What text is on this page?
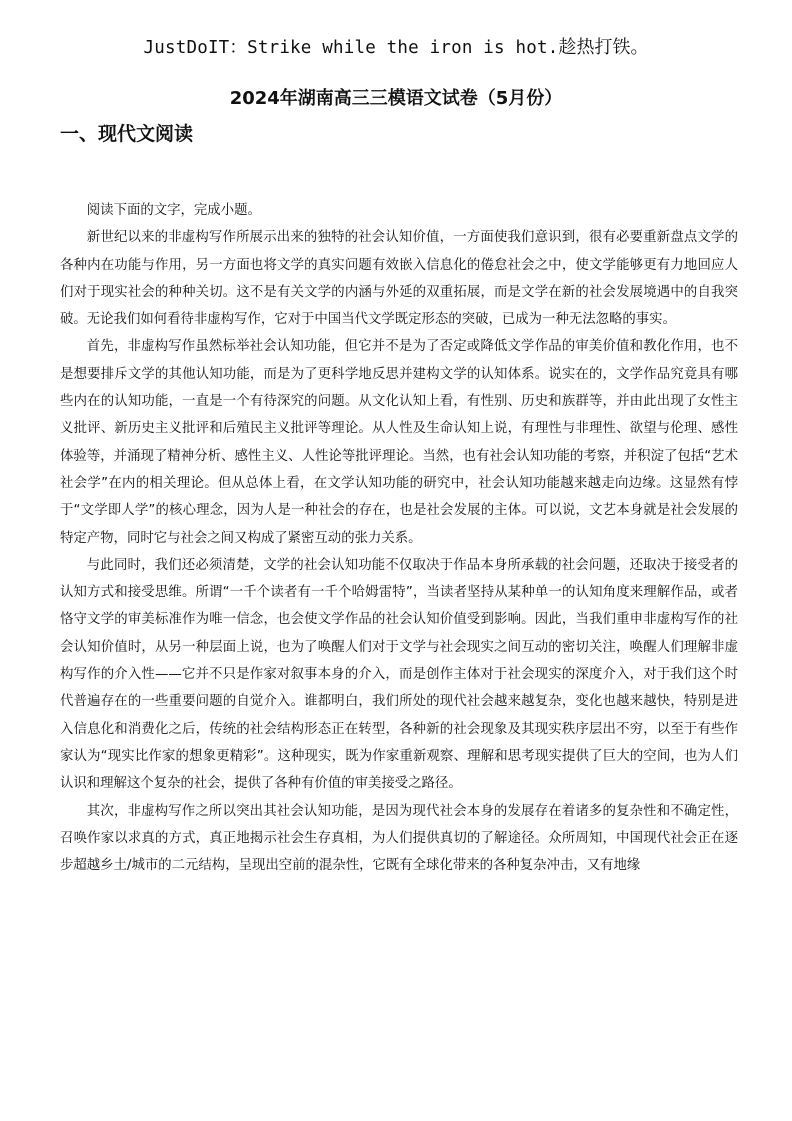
JustDoIT：Strike while the iron is hot.趁热打铁。
2024年湖南高三三模语文试卷（5月份）
一、现代文阅读

阅读下面的文字，完成小题。

新世纪以来的非虚构写作所展示出来的独特的社会认知价值，一方面使我们意识到，很有必要重新盘点文学的各种内在功能与作用，另一方面也将文学的真实问题有效嵌入信息化的倦怠社会之中，使文学能够更有力地回应人们对于现实社会的种种关切。这不是有关文学的内涵与外延的双重拓展，而是文学在新的社会发展境遇中的自我突破。无论我们如何看待非虚构写作，它对于中国当代文学既定形态的突破，已成为一种无法忽略的事实。

首先，非虚构写作虽然标举社会认知功能，但它并不是为了否定或降低文学作品的审美价值和教化作用，也不是想要排斥文学的其他认知功能，而是为了更科学地反思并建构文学的认知体系。说实在的，文学作品究竟具有哪些内在的认知功能，一直是一个有待深究的问题。从文化认知上看，有性别、历史和族群等，并由此出现了女性主义批评、新历史主义批评和后殖民主义批评等理论。从人性及生命认知上说，有理性与非理性、欲望与伦理、感性体验等，并涌现了精神分析、感性主义、人性论等批评理论。当然，也有社会认知功能的考察，并积淀了包括“艺术社会学”在内的相关理论。但从总体上看，在文学认知功能的研究中，社会认知功能越来越走向边缘。这显然有悖于“文学即人学”的核心理念，因为人是一种社会的存在，也是社会发展的主体。可以说，文艺本身就是社会发展的特定产物，同时它与社会之间又构成了紧密互动的张力关系。

与此同时，我们还必须清楚，文学的社会认知功能不仅取决于作品本身所承载的社会问题，还取决于接受者的认知方式和接受思维。所谓“一千个读者有一千个哈姆雷特”，当读者坚持从某种单一的认知角度来理解作品，或者恪守文学的审美标准作为唯一信念，也会使文学作品的社会认知价值受到影响。因此，当我们重申非虚构写作的社会认知价值时，从另一种层面上说，也为了唤醒人们对于文学与社会现实之间互动的密切关注，唤醒人们理解非虚构写作的介入性——它并不只是作家对叙事本身的介入，而是创作主体对于社会现实的深度介入，对于我们这个时代普遍存在的一些重要问题的自觉介入。谁都明白，我们所处的现代社会越来越复杂，变化也越来越快，特别是进入信息化和消费化之后，传统的社会结构形态正在转型，各种新的社会现象及其现实秩序层出不穷，以至于有些作家认为“现实比作家的想象更精彩”。这种现实，既为作家重新观察、理解和思考现实提供了巨大的空间，也为人们认识和理解这个复杂的社会，提供了各种有价值的审美接受之路径。

其次，非虚构写作之所以突出其社会认知功能，是因为现代社会本身的发展存在着诸多的复杂性和不确定性，召唤作家以求真的方式，真正地揭示社会生存真相，为人们提供真切的了解途径。众所周知，中国现代社会正在逐步超越乡土/城市的二元结构，呈现出空前的混杂性，它既有全球化带来的各种复杂冲击，又有地缘
